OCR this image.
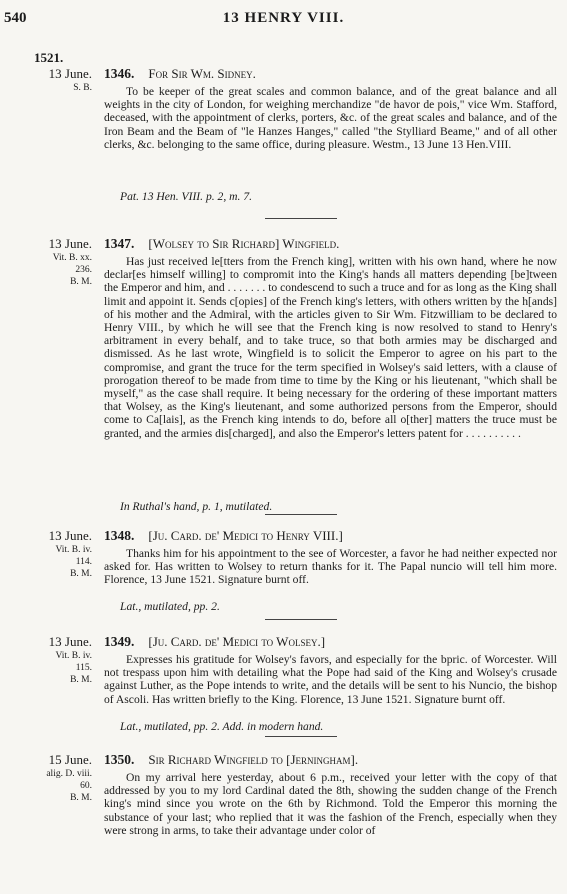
540	13 HENRY VIII.
1521.
13 June.
S. B.
1346. For Sir Wm. Sidney.
To be keeper of the great scales and common balance, and of the great balance and all weights in the city of London, for weighing merchandize "de havor de pois," vice Wm. Stafford, deceased, with the appointment of clerks, porters, &c. of the great scales and balance, and of the Iron Beam and the Beam of "le Hanzes Hanges," called "the Stylliard Beame," and of all other clerks, &c. belonging to the same office, during pleasure. Westm., 13 June 13 Hen.VIII.
Pat. 13 Hen. VIII. p. 2, m. 7.
13 June.
Vit. B. xx.
236.
B. M.
1347. [Wolsey to Sir Richard] Wingfield.
Has just received le[tters from the French king], written with his own hand, where he now declar[es himself willing] to compromit into the King's hands all matters depending [be]tween the Emperor and him, and . . . . . . . to condescend to such a truce and for as long as the King shall limit and appoint it. Sends c[opies] of the French king's letters, with others written by the h[ands] of his mother and the Admiral, with the articles given to Sir Wm. Fitzwilliam to be declared to Henry VIII., by which he will see that the French king is now resolved to stand to Henry's arbitrament in every behalf, and to take truce, so that both armies may be discharged and dismissed. As he last wrote, Wingfield is to solicit the Emperor to agree on his part to the compromise, and grant the truce for the term specified in Wolsey's said letters, with a clause of prorogation thereof to be made from time to time by the King or his lieutenant, "which shall be myself," as the case shall require. It being necessary for the ordering of these important matters that Wolsey, as the King's lieutenant, and some authorized persons from the Emperor, should come to Ca[lais], as the French king intends to do, before all o[ther] matters the truce must be granted, and the armies dis[charged], and also the Emperor's letters patent for . . . . . . . . . .
In Ruthal's hand, p. 1, mutilated.
13 June.
Vit. B. iv.
114.
B. M.
1348. [Ju. Card. de' Medici to Henry VIII.]
Thanks him for his appointment to the see of Worcester, a favor he had neither expected nor asked for. Has written to Wolsey to return thanks for it. The Papal nuncio will tell him more. Florence, 13 June 1521. Signature burnt off.
Lat., mutilated, pp. 2.
13 June.
Vit. B. iv.
115.
B. M.
1349. [Ju. Card. de' Medici to Wolsey.]
Expresses his gratitude for Wolsey's favors, and especially for the bpric. of Worcester. Will not trespass upon him with detailing what the Pope had said of the King and Wolsey's crusade against Luther, as the Pope intends to write, and the details will be sent to his Nuncio, the bishop of Ascoli. Has written briefly to the King. Florence, 13 June 1521. Signature burnt off.
Lat., mutilated, pp. 2. Add. in modern hand.
15 June.
alig. D. viii.
60.
B. M.
1350. Sir Richard Wingfield to [Jerningham].
On my arrival here yesterday, about 6 p.m., received your letter with the copy of that addressed by you to my lord Cardinal dated the 8th, showing the sudden change of the French king's mind since you wrote on the 6th by Richmond. Told the Emperor this morning the substance of your last; who replied that it was the fashion of the French, especially when they were strong in arms, to take their advantage under color of
